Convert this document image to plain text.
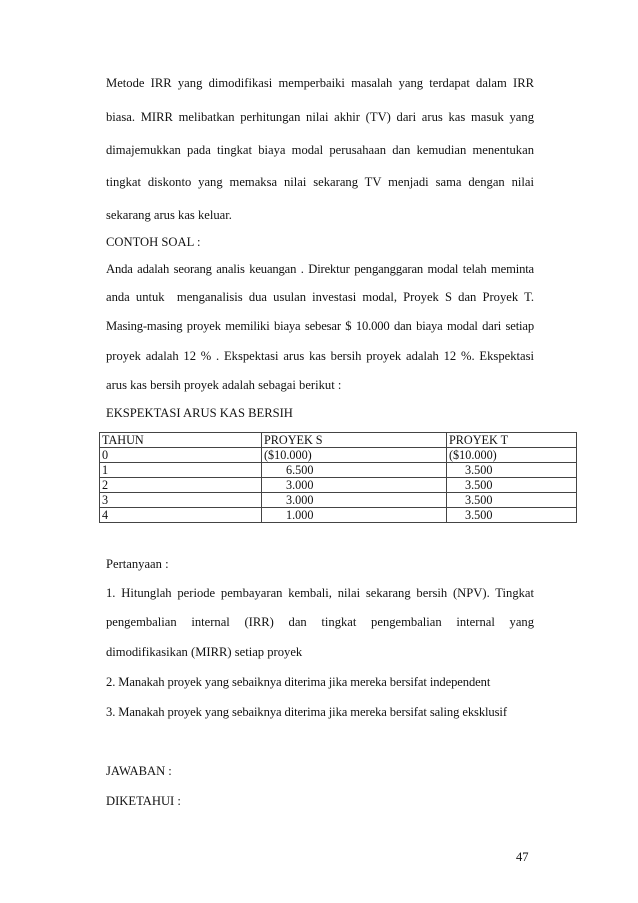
Metode IRR yang dimodifikasi memperbaiki masalah yang terdapat dalam IRR
biasa. MIRR melibatkan perhitungan nilai akhir (TV) dari arus kas masuk yang
dimajemukkan pada tingkat biaya modal perusahaan dan kemudian menentukan
tingkat diskonto yang memaksa nilai sekarang TV menjadi sama dengan nilai
sekarang arus kas keluar.
CONTOH SOAL :
Anda adalah seorang analis keuangan . Direktur penganggaran modal telah meminta
anda untuk  menganalisis dua usulan investasi modal, Proyek S dan Proyek T.
Masing-masing proyek memiliki biaya sebesar $ 10.000 dan biaya modal dari setiap
proyek adalah 12 % . Ekspektasi arus kas bersih proyek adalah 12 %. Ekspektasi
arus kas bersih proyek adalah sebagai berikut :
EKSPEKTASI ARUS KAS BERSIH
TAHUN	PROYEK S	PROYEK T
0	($10.000)	($10.000)
1	6.500	3.500
2	3.000	3.500
3	3.000	3.500
4	1.000	3.500
Pertanyaan :
1. Hitunglah periode pembayaran kembali, nilai sekarang bersih (NPV). Tingkat
pengembalian internal (IRR) dan tingkat pengembalian internal yang
dimodifikasikan (MIRR) setiap proyek
2. Manakah proyek yang sebaiknya diterima jika mereka bersifat independent
3. Manakah proyek yang sebaiknya diterima jika mereka bersifat saling eksklusif
JAWABAN :
DIKETAHUI :
47
